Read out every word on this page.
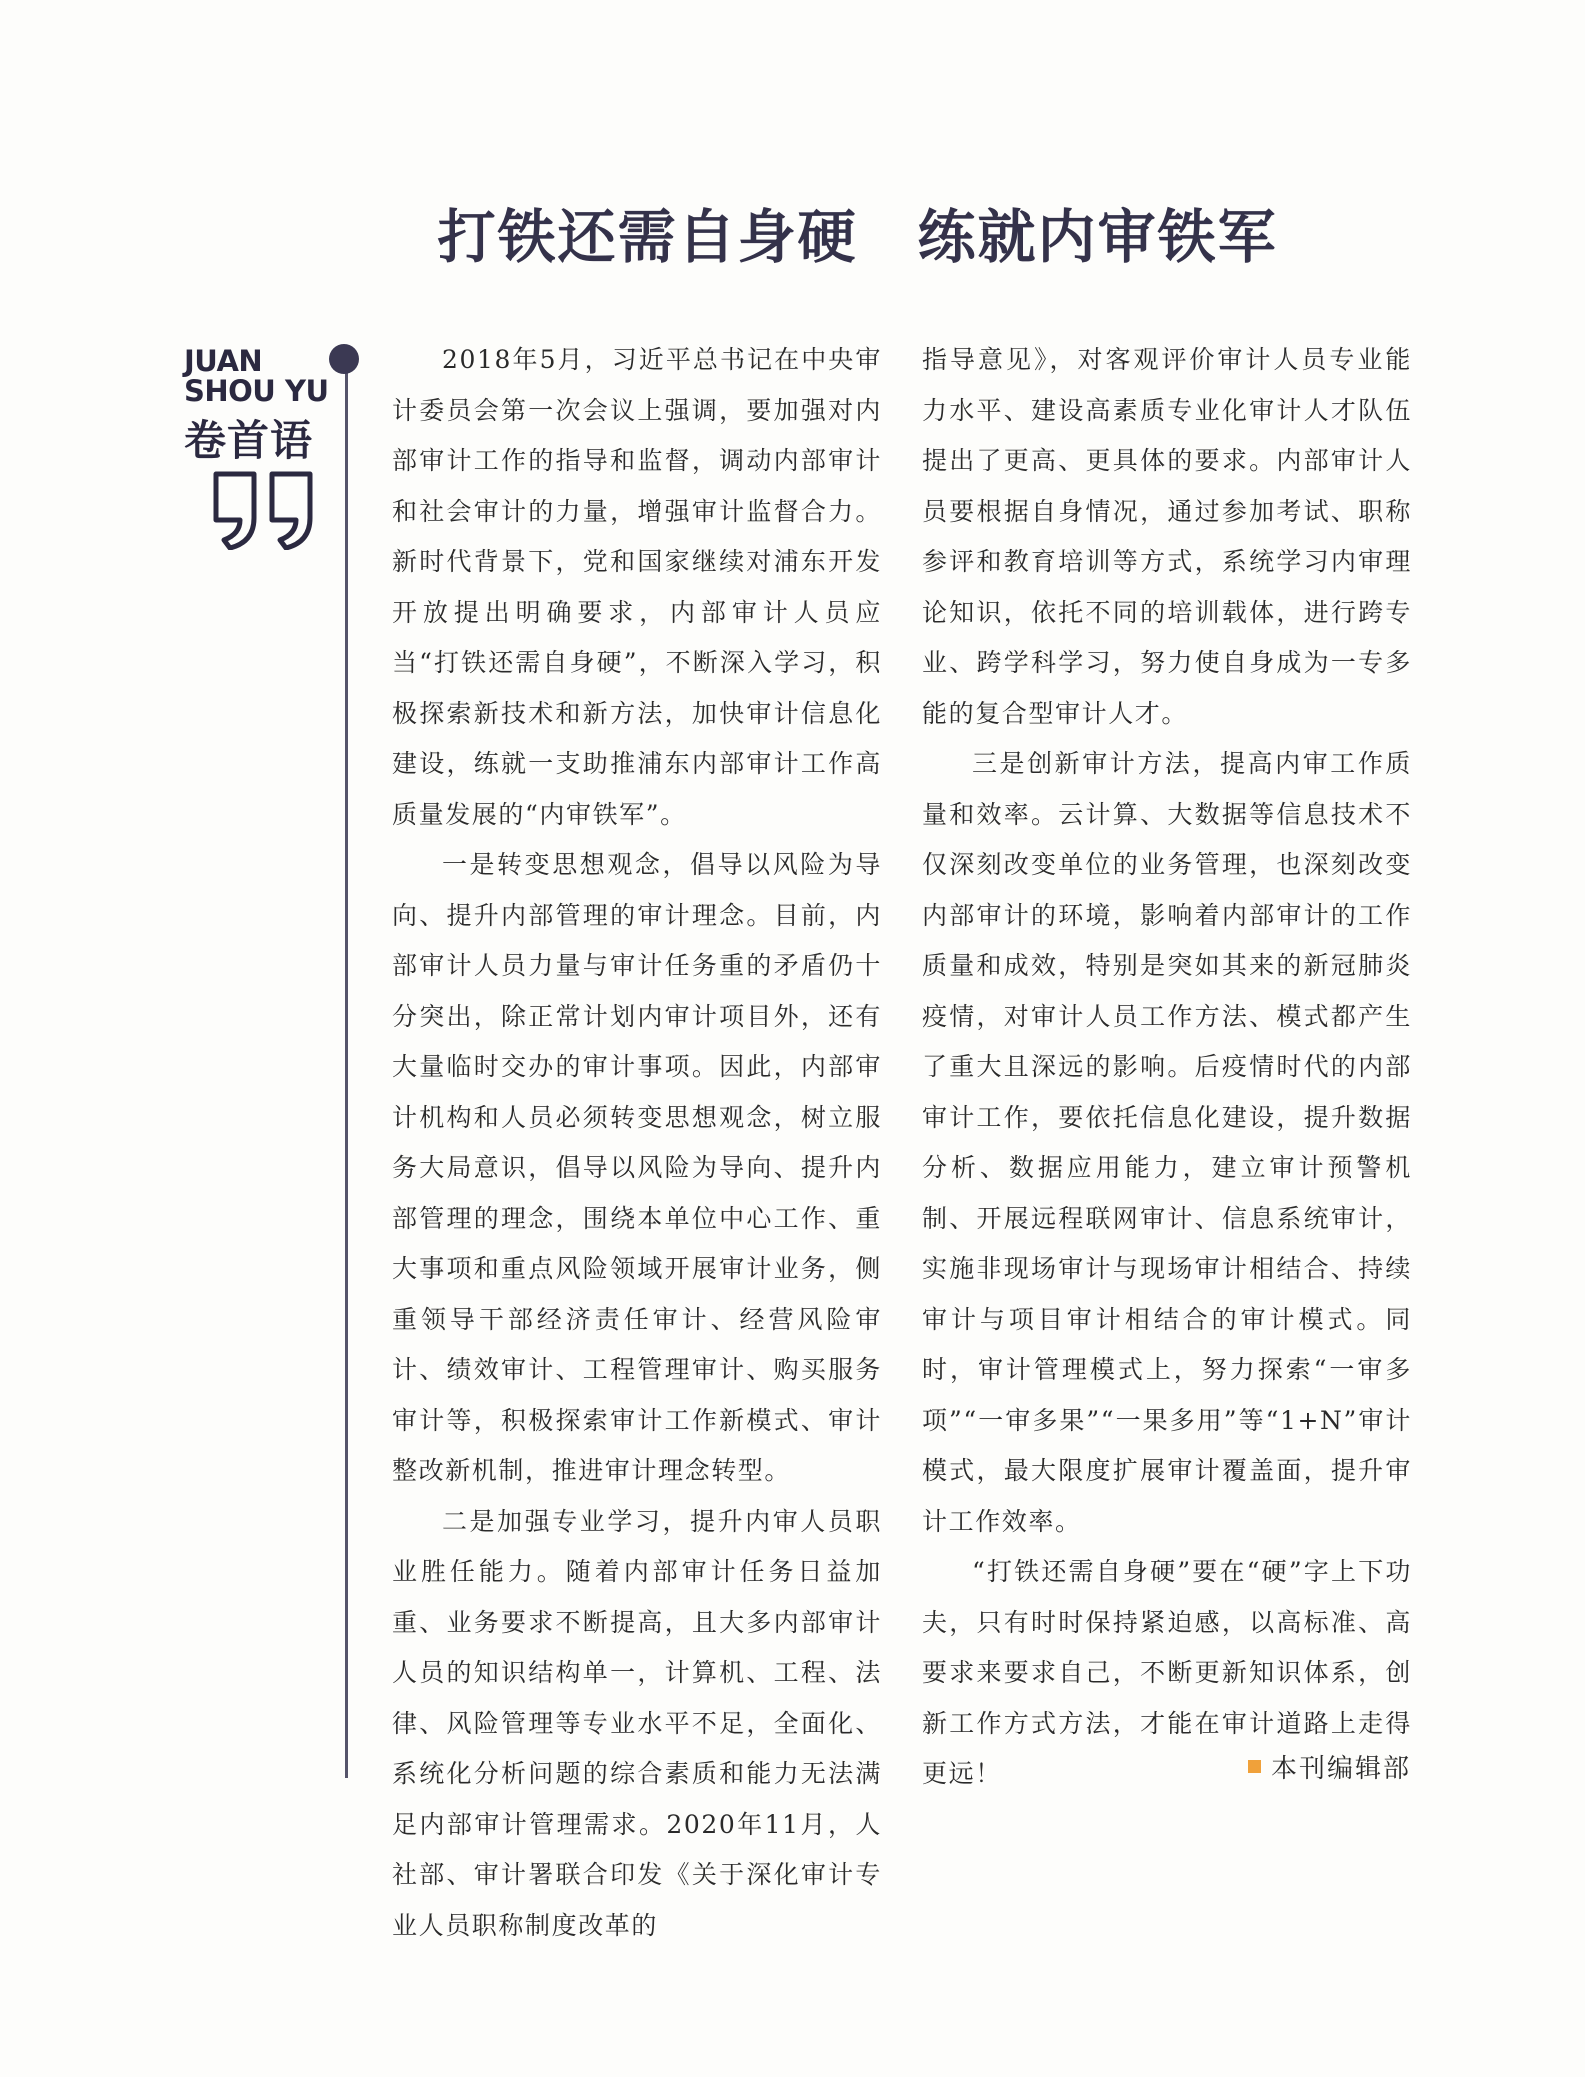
打铁还需自身硬　练就内审铁军
JUAN
SHOU YU
卷首语

2018年5月，习近平总书记在中央审计委员会第一次会议上强调，要加强对内部审计工作的指导和监督，调动内部审计和社会审计的力量，增强审计监督合力。新时代背景下，党和国家继续对浦东开发开放提出明确要求，内部审计人员应当“打铁还需自身硬”，不断深入学习，积极探索新技术和新方法，加快审计信息化建设，练就一支助推浦东内部审计工作高质量发展的“内审铁军”。

一是转变思想观念，倡导以风险为导向、提升内部管理的审计理念。目前，内部审计人员力量与审计任务重的矛盾仍十分突出，除正常计划内审计项目外，还有大量临时交办的审计事项。因此，内部审计机构和人员必须转变思想观念，树立服务大局意识，倡导以风险为导向、提升内部管理的理念，围绕本单位中心工作、重大事项和重点风险领域开展审计业务，侧重领导干部经济责任审计、经营风险审计、绩效审计、工程管理审计、购买服务审计等，积极探索审计工作新模式、审计整改新机制，推进审计理念转型。

二是加强专业学习，提升内审人员职业胜任能力。随着内部审计任务日益加重、业务要求不断提高，且大多内部审计人员的知识结构单一，计算机、工程、法律、风险管理等专业水平不足，全面化、系统化分析问题的综合素质和能力无法满足内部审计管理需求。2020年11月，人社部、审计署联合印发《关于深化审计专业人员职称制度改革的

指导意见》，对客观评价审计人员专业能力水平、建设高素质专业化审计人才队伍提出了更高、更具体的要求。内部审计人员要根据自身情况，通过参加考试、职称参评和教育培训等方式，系统学习内审理论知识，依托不同的培训载体，进行跨专业、跨学科学习，努力使自身成为一专多能的复合型审计人才。

三是创新审计方法，提高内审工作质量和效率。云计算、大数据等信息技术不仅深刻改变单位的业务管理，也深刻改变内部审计的环境，影响着内部审计的工作质量和成效，特别是突如其来的新冠肺炎疫情，对审计人员工作方法、模式都产生了重大且深远的影响。后疫情时代的内部审计工作，要依托信息化建设，提升数据分析、数据应用能力，建立审计预警机制、开展远程联网审计、信息系统审计，实施非现场审计与现场审计相结合、持续审计与项目审计相结合的审计模式。同时，审计管理模式上，努力探索“一审多项”“一审多果”“一果多用”等“1+N”审计模式，最大限度扩展审计覆盖面，提升审计工作效率。

“打铁还需自身硬”要在“硬”字上下功夫，只有时时保持紧迫感，以高标准、高要求来要求自己，不断更新知识体系，创新工作方式方法，才能在审计道路上走得更远！	本刊编辑部
